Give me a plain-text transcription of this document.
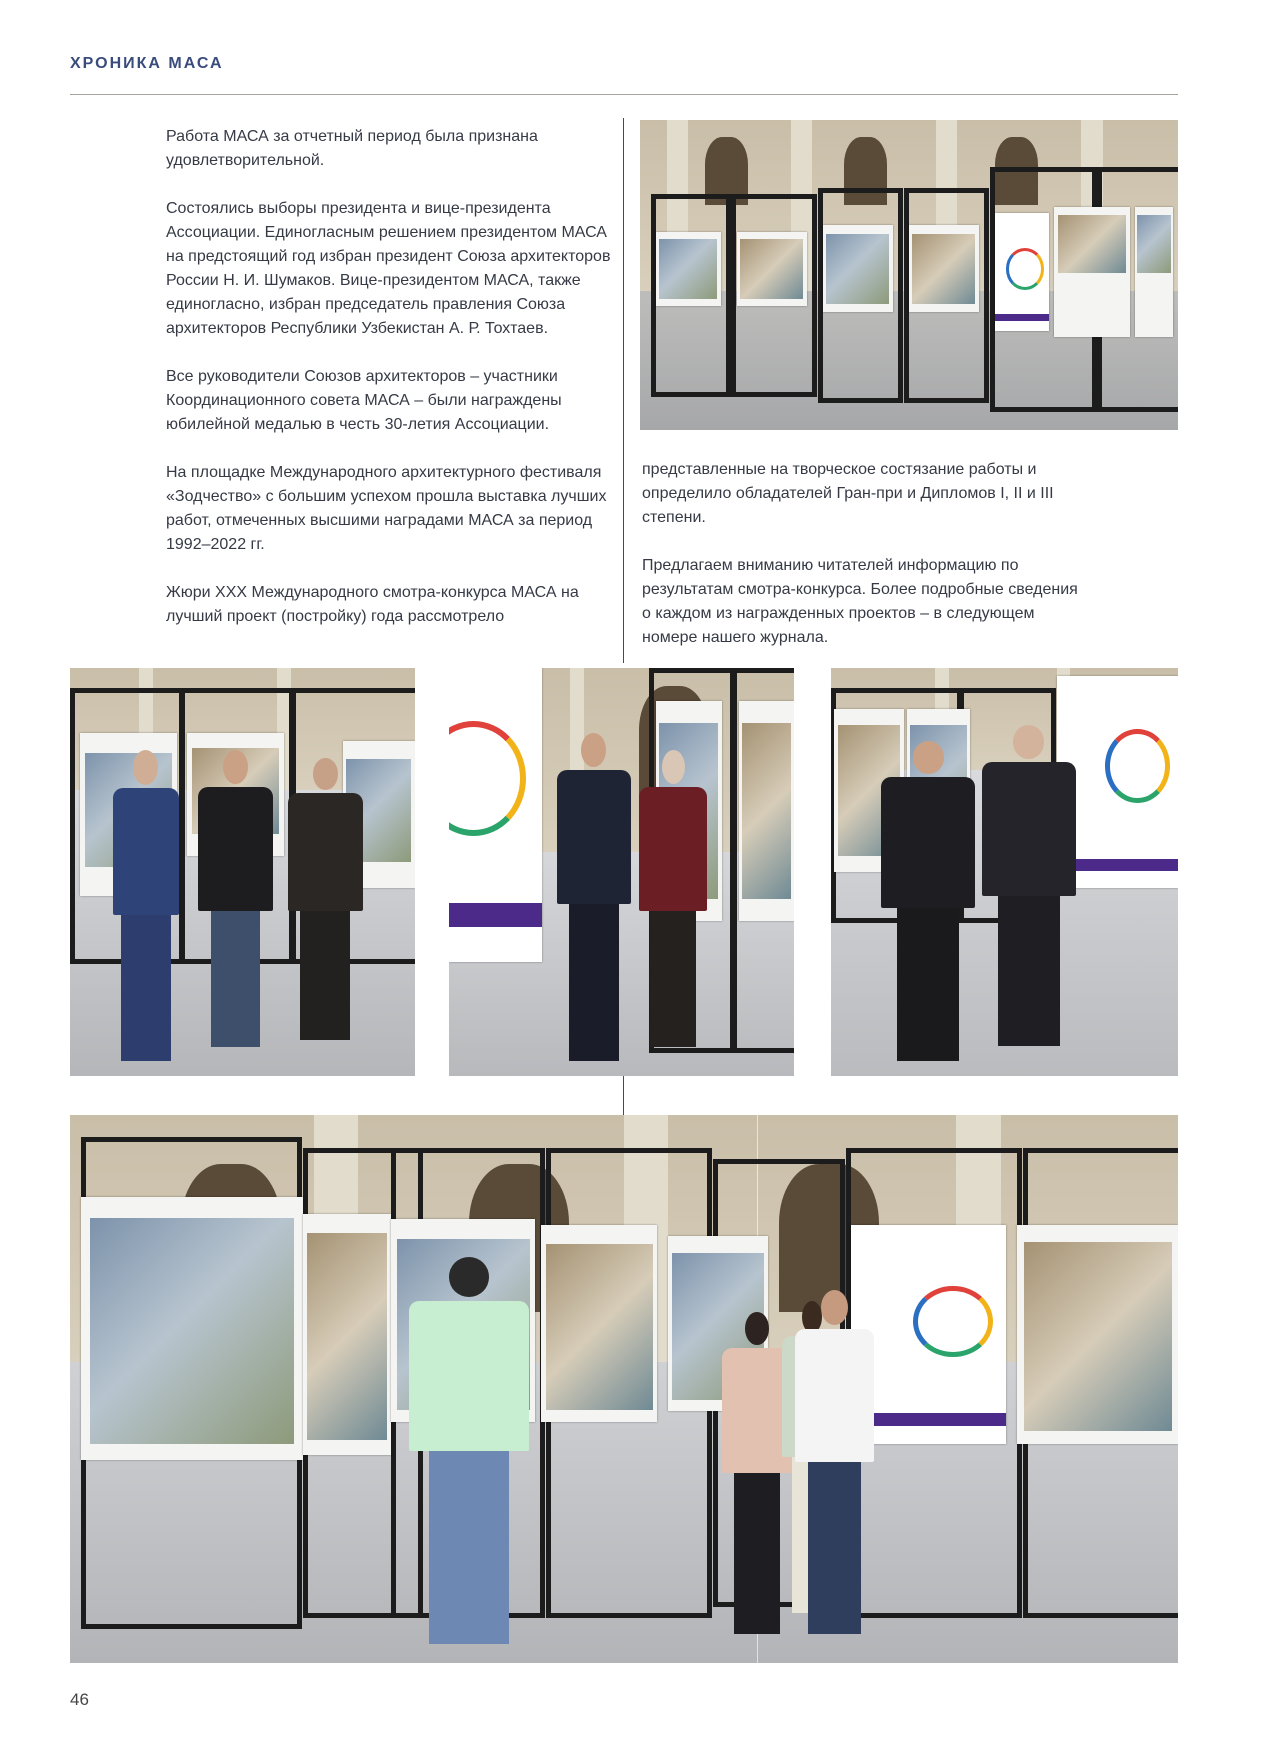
ХРОНИКА МАСА

Работа МАСА за отчетный период была признана удовлетворительной.

Состоялись выборы президента и вице-президента Ассоциации. Единогласным решением президентом МАСА на предстоящий год избран президент Союза архитекторов России Н. И. Шумаков. Вице-президентом МАСА, также единогласно, избран председатель правления Союза архитекторов Республики Узбекистан А. Р. Тохтаев.

Все руководители Союзов архитекторов – участники Координационного совета МАСА – были награждены юбилейной медалью в честь 30-летия Ассоциации.

На площадке Международного архитектурного фестиваля «Зодчество» с большим успехом прошла выставка лучших работ, отмеченных высшими наградами МАСА за период 1992–2022 гг.

Жюри XXX Международного смотра-конкурса МАСА на лучший проект (постройку) года рассмотрело

представленные на творческое состязание работы и определило обладателей Гран-при и Дипломов I, II и III степени.

Предлагаем вниманию читателей информацию по результатам смотра-конкурса. Более подробные сведения о каждом из награжденных проектов – в следующем номере нашего журнала.

46
